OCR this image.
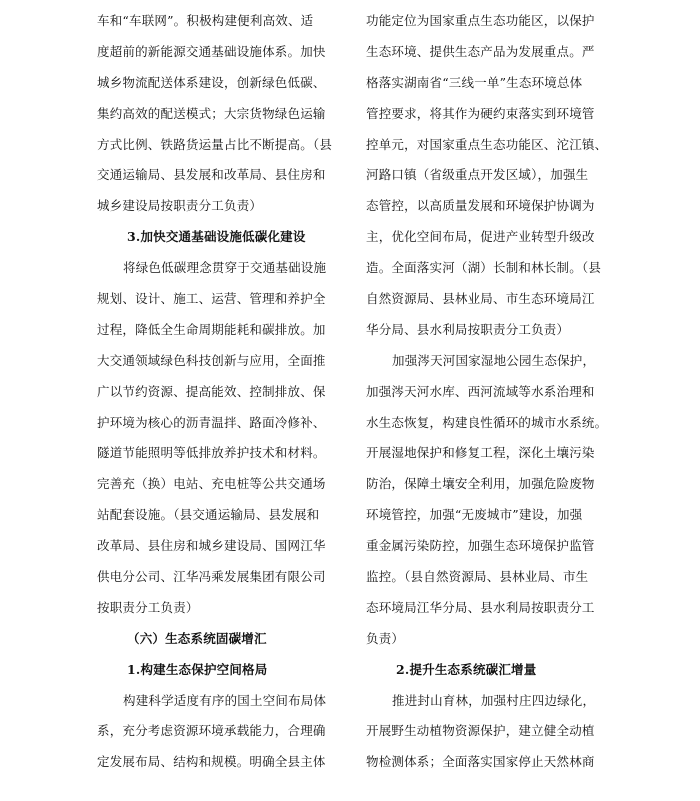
车和“车联网”。积极构建便利高效、适
度超前的新能源交通基础设施体系。加快
城乡物流配送体系建设，创新绿色低碳、
集约高效的配送模式；大宗货物绿色运输
方式比例、铁路货运量占比不断提高。（县
交通运输局、县发展和改革局、县住房和
城乡建设局按职责分工负责）
3.加快交通基础设施低碳化建设
将绿色低碳理念贯穿于交通基础设施
规划、设计、施工、运营、管理和养护全
过程，降低全生命周期能耗和碳排放。加
大交通领域绿色科技创新与应用，全面推
广以节约资源、提高能效、控制排放、保
护环境为核心的沥青温拌、路面冷修补、
隧道节能照明等低排放养护技术和材料。
完善充（换）电站、充电桩等公共交通场
站配套设施。（县交通运输局、县发展和
改革局、县住房和城乡建设局、国网江华
供电分公司、江华冯乘发展集团有限公司
按职责分工负责）
（六）生态系统固碳增汇
1.构建生态保护空间格局
构建科学适度有序的国土空间布局体
系，充分考虑资源环境承载能力，合理确
定发展布局、结构和规模。明确全县主体
功能定位为国家重点生态功能区，以保护
生态环境、提供生态产品为发展重点。严
格落实湖南省“三线一单”生态环境总体
管控要求，将其作为硬约束落实到环境管
控单元，对国家重点生态功能区、沱江镇、
河路口镇（省级重点开发区域），加强生
态管控，以高质量发展和环境保护协调为
主，优化空间布局，促进产业转型升级改
造。全面落实河（湖）长制和林长制。（县
自然资源局、县林业局、市生态环境局江
华分局、县水利局按职责分工负责）
加强涔天河国家湿地公园生态保护，
加强涔天河水库、西河流域等水系治理和
水生态恢复，构建良性循环的城市水系统。
开展湿地保护和修复工程，深化土壤污染
防治，保障土壤安全利用，加强危险废物
环境管控，加强“无废城市”建设，加强
重金属污染防控，加强生态环境保护监管
监控。（县自然资源局、县林业局、市生
态环境局江华分局、县水利局按职责分工
负责）
2.提升生态系统碳汇增量
推进封山育林，加强村庄四边绿化，
开展野生动植物资源保护，建立健全动植
物检测体系；全面落实国家停止天然林商
